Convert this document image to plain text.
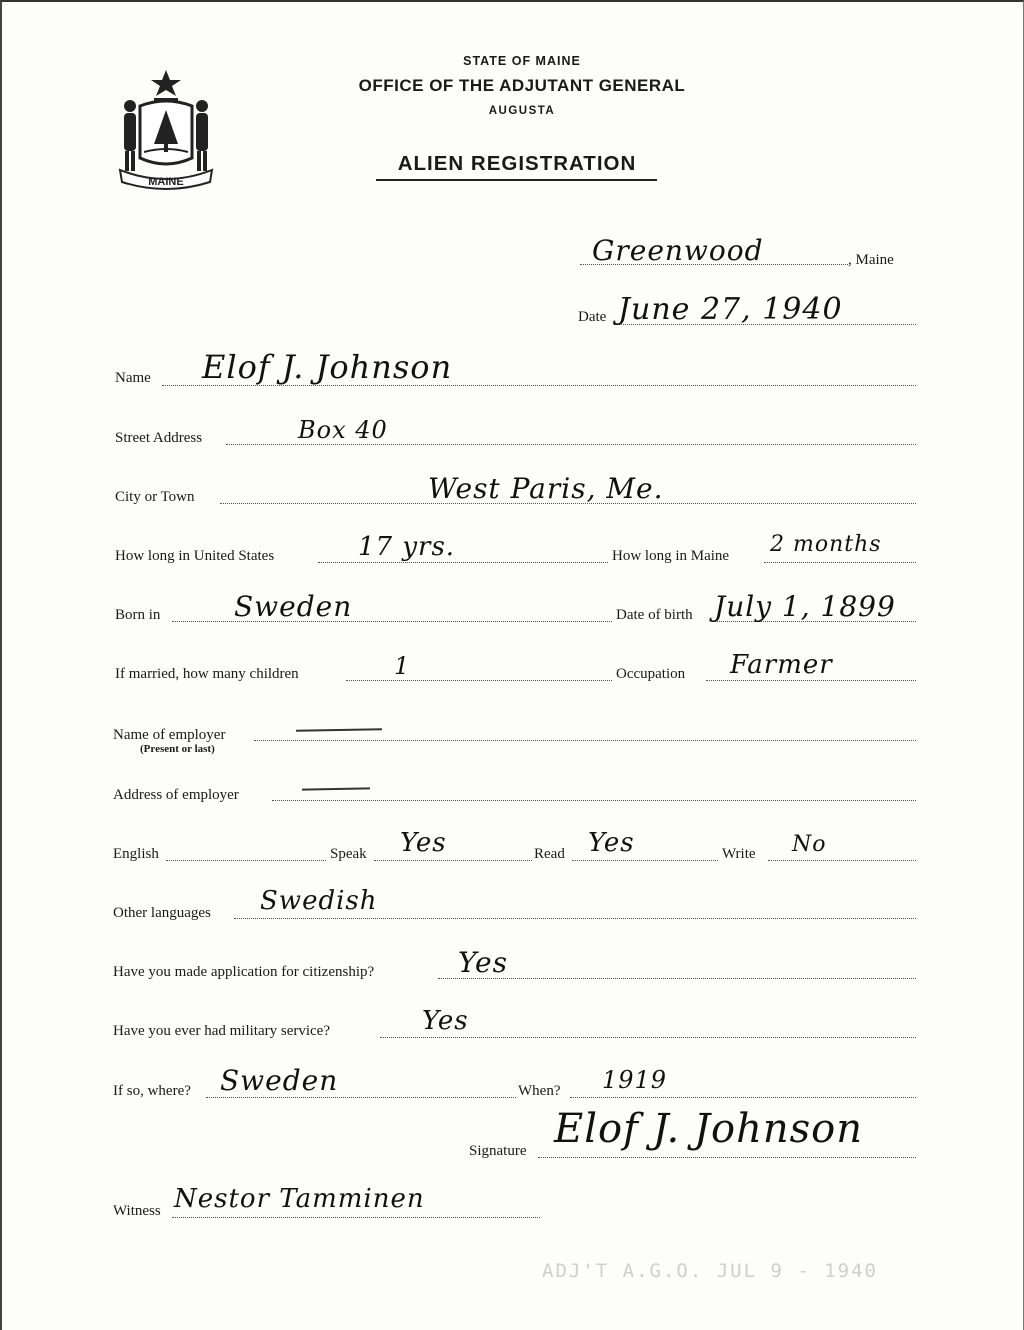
MAINE
STATE OF MAINE
OFFICE OF THE ADJUTANT GENERAL
AUGUSTA
ALIEN REGISTRATION
Greenwood	, Maine
Date June 27, 1940
Name Elof J. Johnson
Street Address	Box 40
City or Town	West Paris, Me.
How long in United States	17 yrs.	How long in Maine 2 months
Born in	Sweden	Date of birth July 1, 1899
If married, how many children	1	Occupation Farmer
Name of employer
(Present or last)
Address of employer
English	Speak Yes	Read Yes	Write No
Other languages Swedish
Have you made application for citizenship?	Yes
Have you ever had military service?	Yes
If so, where? Sweden	When? 1919
Signature Elof J. Johnson
Witness Nestor Tamminen
ADJ'T A.G.O. JUL 9 - 1940
